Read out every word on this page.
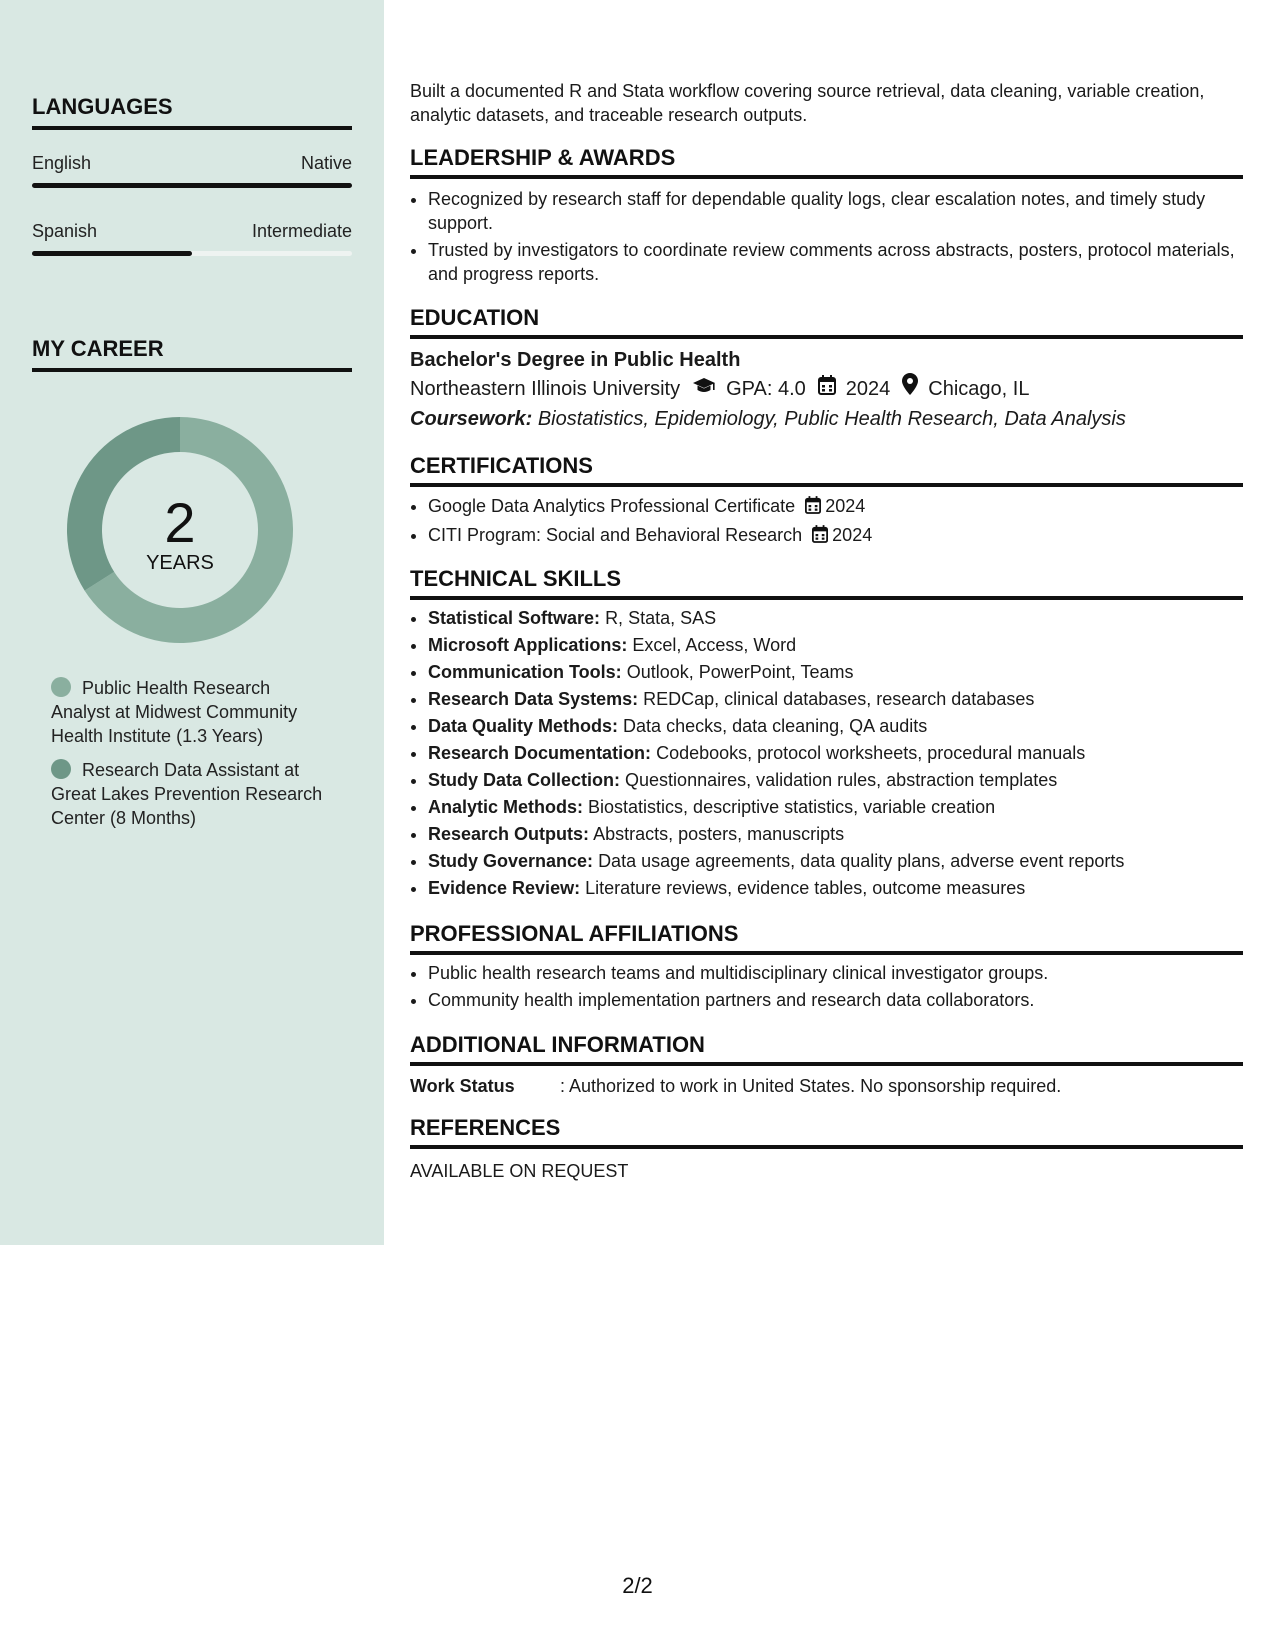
LANGUAGES
English	Native
Spanish	Intermediate
MY CAREER
2
YEARS
Public Health Research Analyst at Midwest Community Health Institute (1.3 Years)
Research Data Assistant at Great Lakes Prevention Research Center (8 Months)

Built a documented R and Stata workflow covering source retrieval, data cleaning, variable creation, analytic datasets, and traceable research outputs.

LEADERSHIP & AWARDS
• Recognized by research staff for dependable quality logs, clear escalation notes, and timely study support.
• Trusted by investigators to coordinate review comments across abstracts, posters, protocol materials, and progress reports.
EDUCATION
Bachelor's Degree in Public Health
Northeastern Illinois University GPA: 4.0 2024 Chicago, IL
Coursework: Biostatistics, Epidemiology, Public Health Research, Data Analysis
CERTIFICATIONS
• Google Data Analytics Professional Certificate 2024
• CITI Program: Social and Behavioral Research 2024
TECHNICAL SKILLS
• Statistical Software: R, Stata, SAS
• Microsoft Applications: Excel, Access, Word
• Communication Tools: Outlook, PowerPoint, Teams
• Research Data Systems: REDCap, clinical databases, research databases
• Data Quality Methods: Data checks, data cleaning, QA audits
• Research Documentation: Codebooks, protocol worksheets, procedural manuals
• Study Data Collection: Questionnaires, validation rules, abstraction templates
• Analytic Methods: Biostatistics, descriptive statistics, variable creation
• Research Outputs: Abstracts, posters, manuscripts
• Study Governance: Data usage agreements, data quality plans, adverse event reports
• Evidence Review: Literature reviews, evidence tables, outcome measures
PROFESSIONAL AFFILIATIONS
• Public health research teams and multidisciplinary clinical investigator groups.
• Community health implementation partners and research data collaborators.
ADDITIONAL INFORMATION
Work Status	: Authorized to work in United States. No sponsorship required.
REFERENCES
AVAILABLE ON REQUEST
2/2
